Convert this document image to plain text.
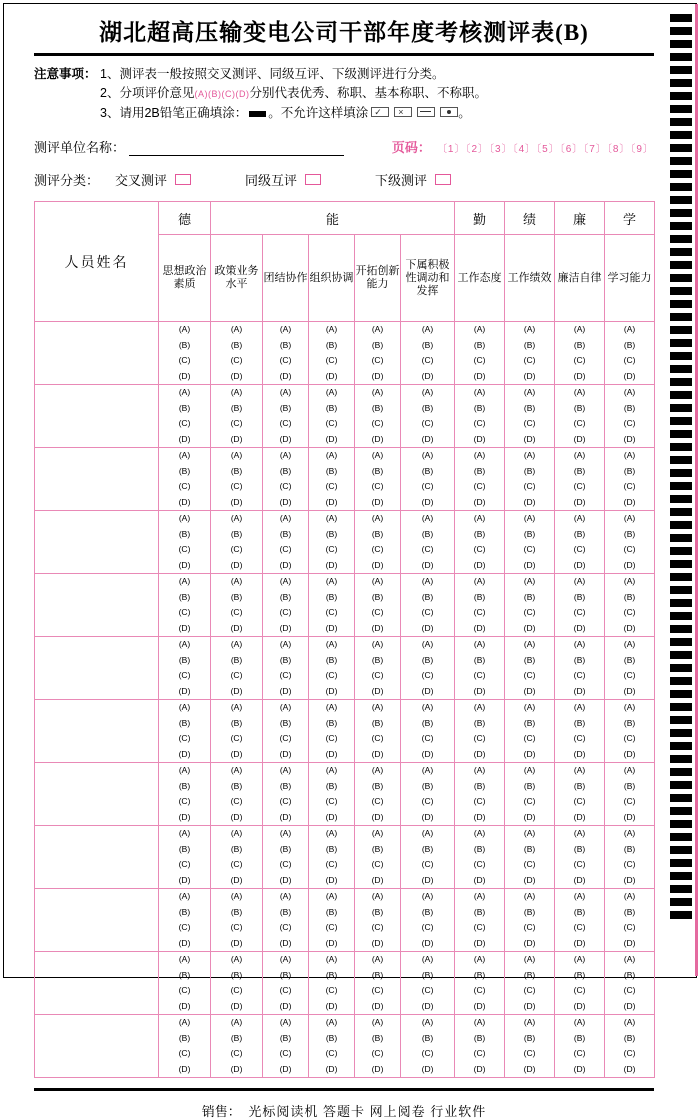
湖北超高压输变电公司干部年度考核测评表(B)
注意事项： 1、测评表一般按照交叉测评、同级互评、下级测评进行分类。
2、分项评价意见 (A)(B)(C)(D) 分别代表优秀、称职、基本称职、不称职。
3、请用2B铅笔正确填涂： 。不允许这样填涂 ✓ ×	。
测评单位名称：	页码： 〔1〕〔2〕〔3〕〔4〕〔5〕〔6〕〔7〕〔8〕〔9〕
测评分类： 交叉测评	同级互评	下级测评
人员姓名	德	能					勤	绩	廉	学
	思想政治素质	政策业务水平	团结协作	组织协调	开拓创新能力	下属积极性调动和发挥	工作态度	工作绩效	廉洁自律	学习能力

	(A)
(B)
(C)
(D)	(A)
(B)
(C)
(D)	(A)
(B)
(C)
(D)	(A)
(B)
(C)
(D)	(A)
(B)
(C)
(D)	(A)
(B)
(C)
(D)	(A)
(B)
(C)
(D)	(A)
(B)
(C)
(D)	(A)
(B)
(C)
(D)	(A)
(B)
(C)
(D)

	(A)
(B)
(C)
(D)	(A)
(B)
(C)
(D)	(A)
(B)
(C)
(D)	(A)
(B)
(C)
(D)	(A)
(B)
(C)
(D)	(A)
(B)
(C)
(D)	(A)
(B)
(C)
(D)	(A)
(B)
(C)
(D)	(A)
(B)
(C)
(D)	(A)
(B)
(C)
(D)

	(A)
(B)
(C)
(D)	(A)
(B)
(C)
(D)	(A)
(B)
(C)
(D)	(A)
(B)
(C)
(D)	(A)
(B)
(C)
(D)	(A)
(B)
(C)
(D)	(A)
(B)
(C)
(D)	(A)
(B)
(C)
(D)	(A)
(B)
(C)
(D)	(A)
(B)
(C)
(D)

	(A)
(B)
(C)
(D)	(A)
(B)
(C)
(D)	(A)
(B)
(C)
(D)	(A)
(B)
(C)
(D)	(A)
(B)
(C)
(D)	(A)
(B)
(C)
(D)	(A)
(B)
(C)
(D)	(A)
(B)
(C)
(D)	(A)
(B)
(C)
(D)	(A)
(B)
(C)
(D)

	(A)
(B)
(C)
(D)	(A)
(B)
(C)
(D)	(A)
(B)
(C)
(D)	(A)
(B)
(C)
(D)	(A)
(B)
(C)
(D)	(A)
(B)
(C)
(D)	(A)
(B)
(C)
(D)	(A)
(B)
(C)
(D)	(A)
(B)
(C)
(D)	(A)
(B)
(C)
(D)

	(A)
(B)
(C)
(D)	(A)
(B)
(C)
(D)	(A)
(B)
(C)
(D)	(A)
(B)
(C)
(D)	(A)
(B)
(C)
(D)	(A)
(B)
(C)
(D)	(A)
(B)
(C)
(D)	(A)
(B)
(C)
(D)	(A)
(B)
(C)
(D)	(A)
(B)
(C)
(D)

	(A)
(B)
(C)
(D)	(A)
(B)
(C)
(D)	(A)
(B)
(C)
(D)	(A)
(B)
(C)
(D)	(A)
(B)
(C)
(D)	(A)
(B)
(C)
(D)	(A)
(B)
(C)
(D)	(A)
(B)
(C)
(D)	(A)
(B)
(C)
(D)	(A)
(B)
(C)
(D)

	(A)
(B)
(C)
(D)	(A)
(B)
(C)
(D)	(A)
(B)
(C)
(D)	(A)
(B)
(C)
(D)	(A)
(B)
(C)
(D)	(A)
(B)
(C)
(D)	(A)
(B)
(C)
(D)	(A)
(B)
(C)
(D)	(A)
(B)
(C)
(D)	(A)
(B)
(C)
(D)

	(A)
(B)
(C)
(D)	(A)
(B)
(C)
(D)	(A)
(B)
(C)
(D)	(A)
(B)
(C)
(D)	(A)
(B)
(C)
(D)	(A)
(B)
(C)
(D)	(A)
(B)
(C)
(D)	(A)
(B)
(C)
(D)	(A)
(B)
(C)
(D)	(A)
(B)
(C)
(D)

	(A)
(B)
(C)
(D)	(A)
(B)
(C)
(D)	(A)
(B)
(C)
(D)	(A)
(B)
(C)
(D)	(A)
(B)
(C)
(D)	(A)
(B)
(C)
(D)	(A)
(B)
(C)
(D)	(A)
(B)
(C)
(D)	(A)
(B)
(C)
(D)	(A)
(B)
(C)
(D)

	(A)
(B)
(C)
(D)	(A)
(B)
(C)
(D)	(A)
(B)
(C)
(D)	(A)
(B)
(C)
(D)	(A)
(B)
(C)
(D)	(A)
(B)
(C)
(D)	(A)
(B)
(C)
(D)	(A)
(B)
(C)
(D)	(A)
(B)
(C)
(D)	(A)
(B)
(C)
(D)

	(A)
(B)
(C)
(D)	(A)
(B)
(C)
(D)	(A)
(B)
(C)
(D)	(A)
(B)
(C)
(D)	(A)
(B)
(C)
(D)	(A)
(B)
(C)
(D)	(A)
(B)
(C)
(D)	(A)
(B)
(C)
(D)	(A)
(B)
(C)
(D)	(A)
(B)
(C)
(D)
销售： 光标阅读机 答题卡 网上阅卷 行业软件
